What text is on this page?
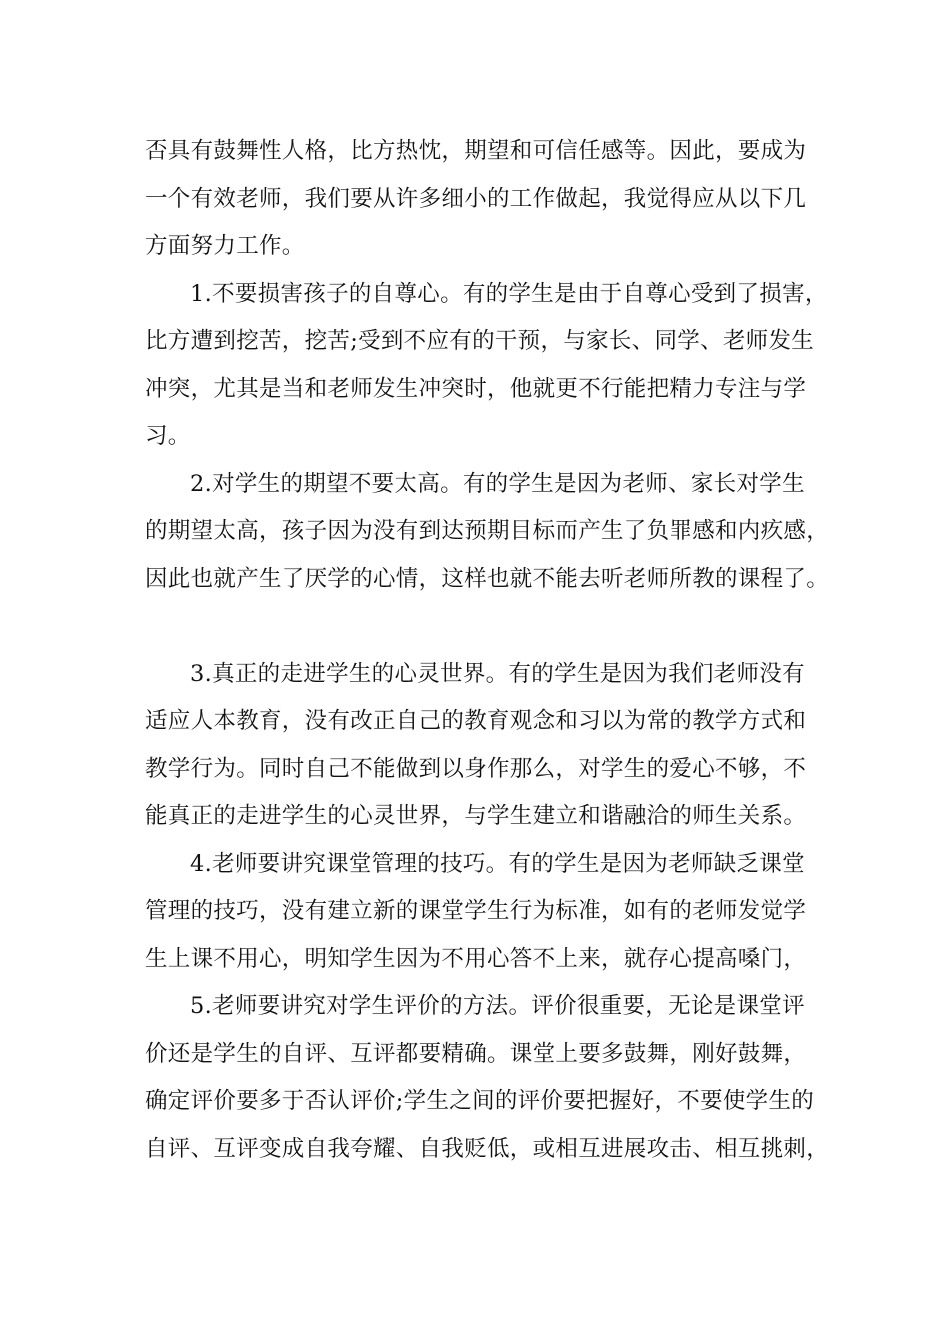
否具有鼓舞性人格，比方热忱，期望和可信任感等。因此，要成为
一个有效老师，我们要从许多细小的工作做起，我觉得应从以下几
方面努力工作。
1.不要损害孩子的自尊心。有的学生是由于自尊心受到了损害，
比方遭到挖苦，挖苦;受到不应有的干预，与家长、同学、老师发生
冲突，尤其是当和老师发生冲突时，他就更不行能把精力专注与学
习。
2.对学生的期望不要太高。有的学生是因为老师、家长对学生
的期望太高，孩子因为没有到达预期目标而产生了负罪感和内疚感，
因此也就产生了厌学的心情，这样也就不能去听老师所教的课程了。
3.真正的走进学生的心灵世界。有的学生是因为我们老师没有
适应人本教育，没有改正自己的教育观念和习以为常的教学方式和
教学行为。同时自己不能做到以身作那么，对学生的爱心不够，不
能真正的走进学生的心灵世界，与学生建立和谐融洽的师生关系。
4.老师要讲究课堂管理的技巧。有的学生是因为老师缺乏课堂
管理的技巧，没有建立新的课堂学生行为标准，如有的老师发觉学
生上课不用心，明知学生因为不用心答不上来，就存心提高嗓门，
5.老师要讲究对学生评价的方法。评价很重要，无论是课堂评
价还是学生的自评、互评都要精确。课堂上要多鼓舞，刚好鼓舞，
确定评价要多于否认评价;学生之间的评价要把握好，不要使学生的
自评、互评变成自我夸耀、自我贬低，或相互进展攻击、相互挑刺，
